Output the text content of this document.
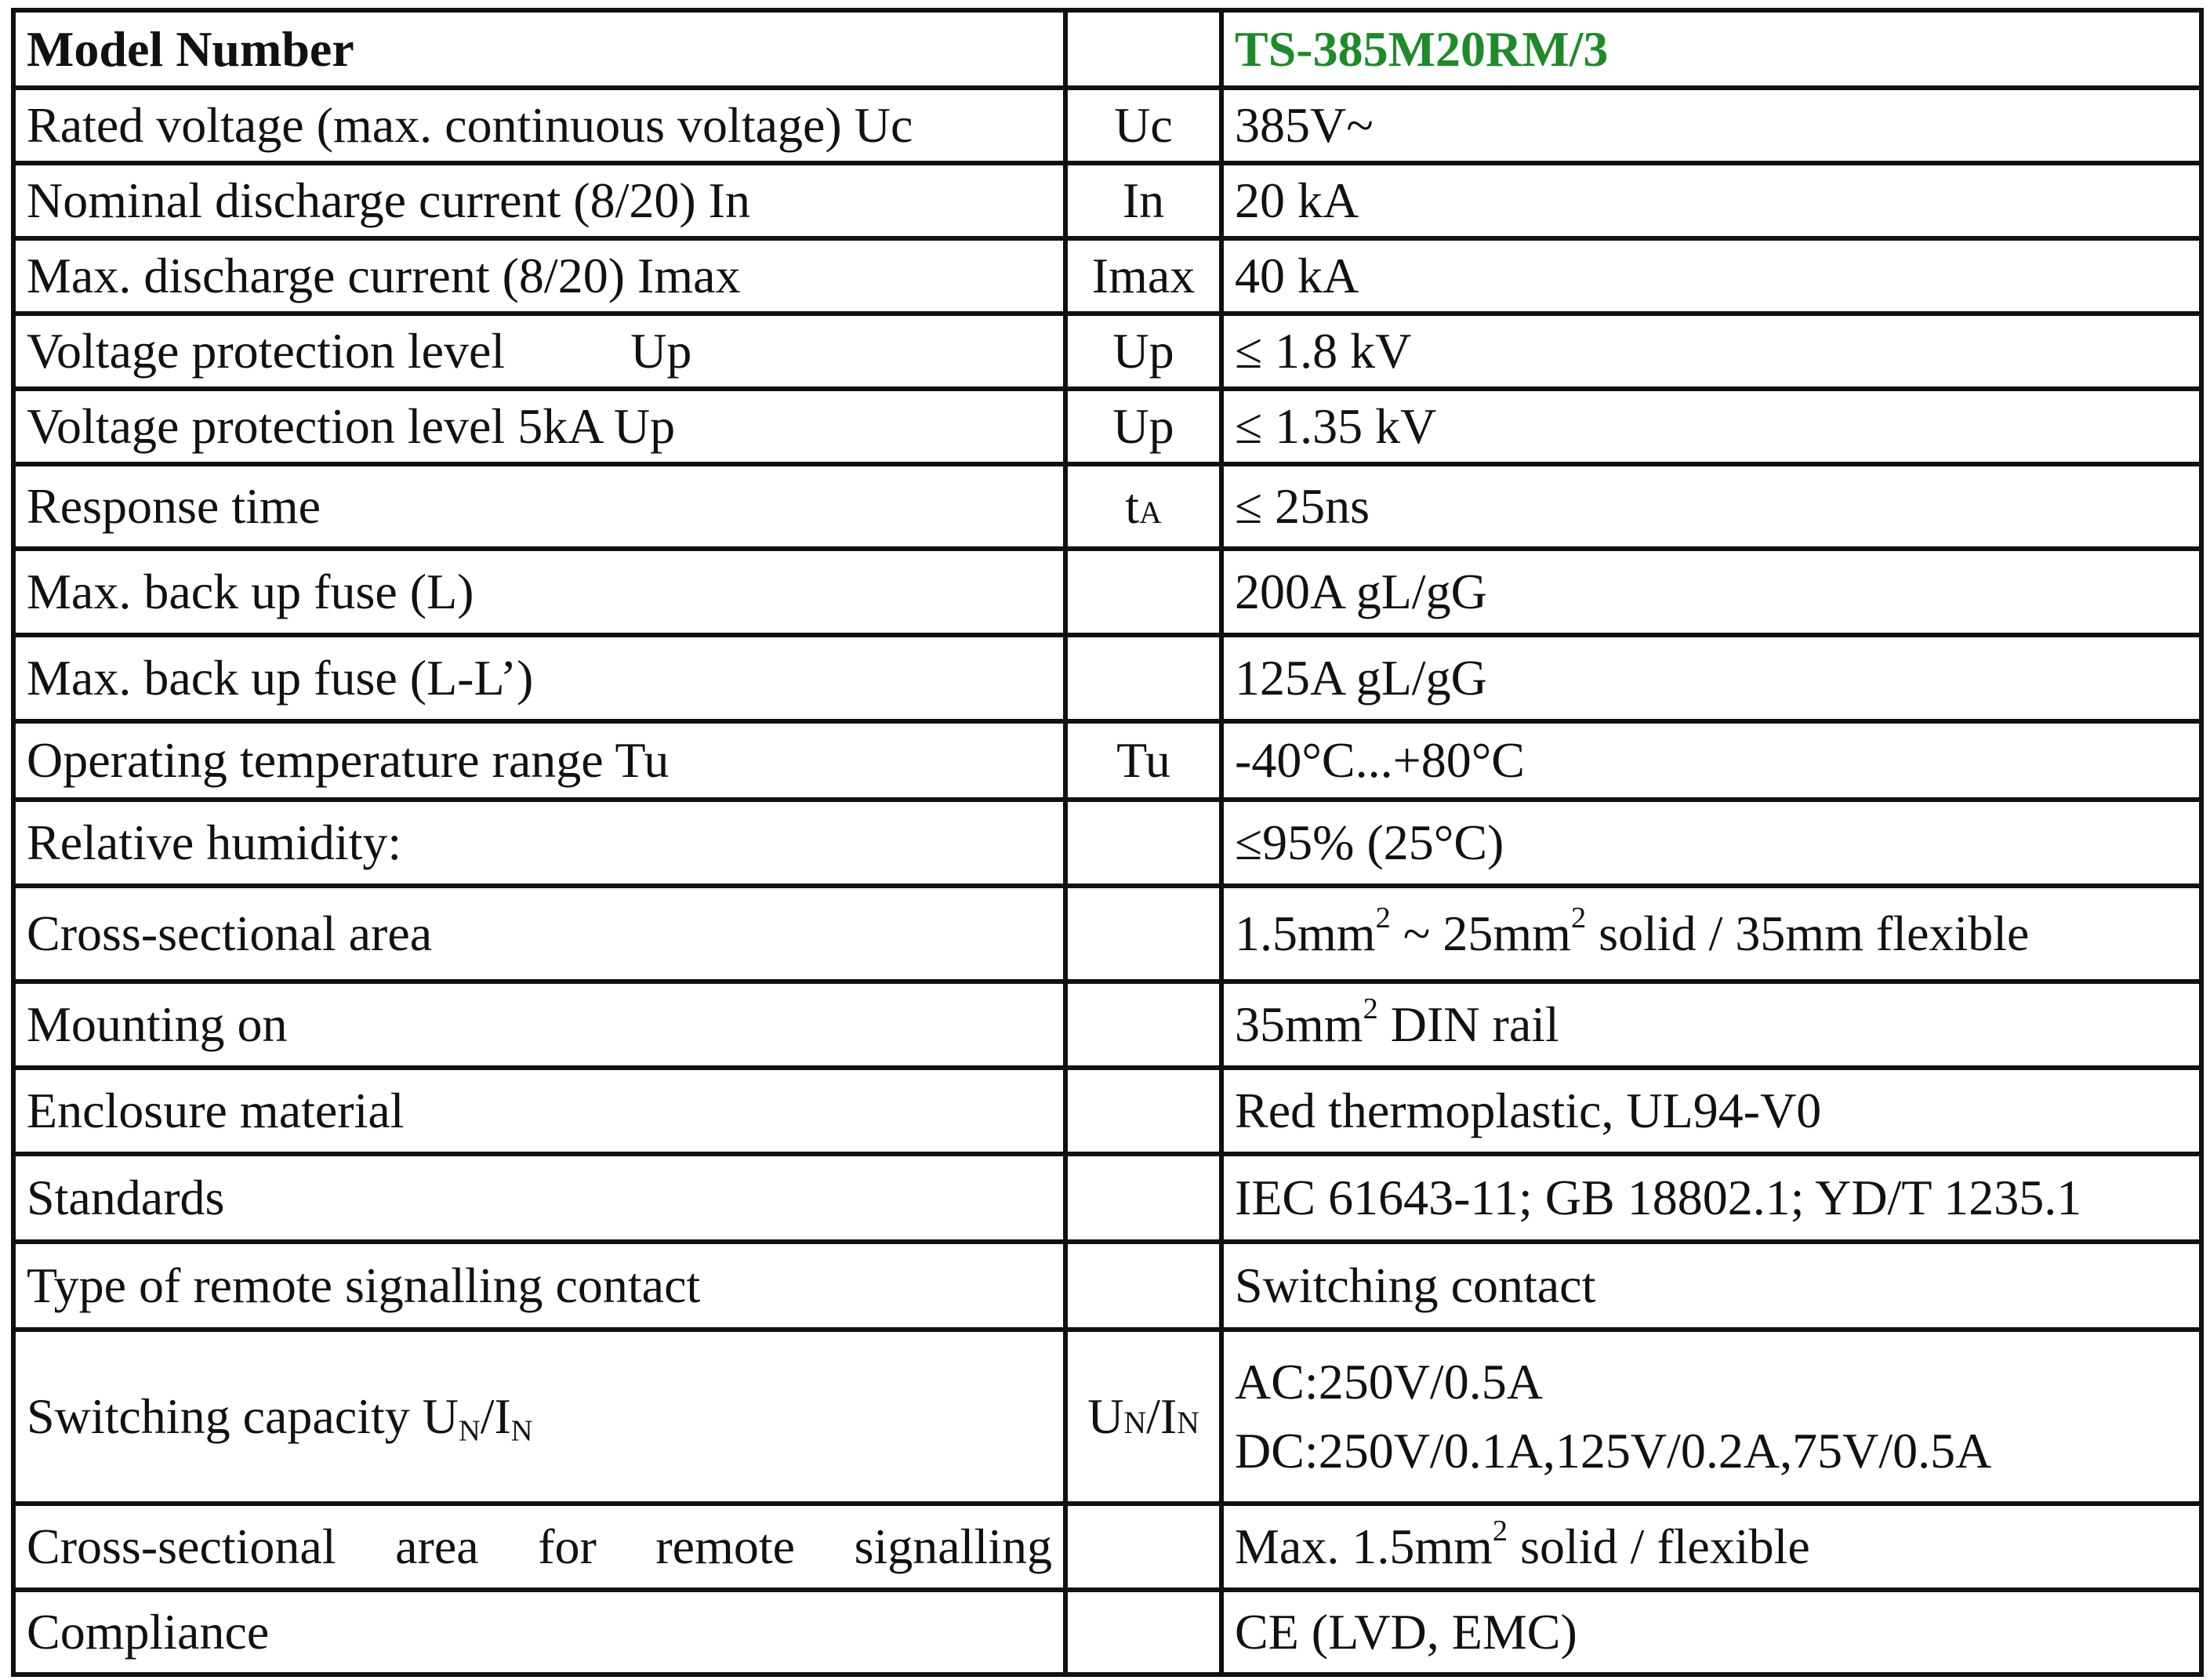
Model Number		TS-385M20RM/3
Rated voltage (max. continuous voltage) Uc	Uc	385V~
Nominal discharge current (8/20) In	In	20 kA
Max. discharge current (8/20) Imax	Imax	40 kA
Voltage protection level Up	Up	≤ 1.8 kV
Voltage protection level 5kA Up	Up	≤ 1.35 kV
Response time	tA	≤ 25ns
Max. back up fuse (L)		200A gL/gG
Max. back up fuse (L-L’)		125A gL/gG
Operating temperature range Tu	Tu	-40°C...+80°C
Relative humidity:		≤95% (25°C)
Cross-sectional area		$1.5mm^2$ ~ $25mm^2$ solid / 35mm flexible
Mounting on		$35mm^2$ DIN rail
Enclosure material		Red thermoplastic, UL94-V0
Standards		IEC 61643-11; GB 18802.1; YD/T 1235.1
Type of remote signalling contact		Switching contact
Switching capacity $U_N/I_N$	UN/IN	AC:250V/0.5A
DC:250V/0.1A,125V/0.2A,75V/0.5A

Cross-sectional area for remote signalling		Max. $1.5mm^2$ solid / flexible
Compliance		CE (LVD, EMC)
